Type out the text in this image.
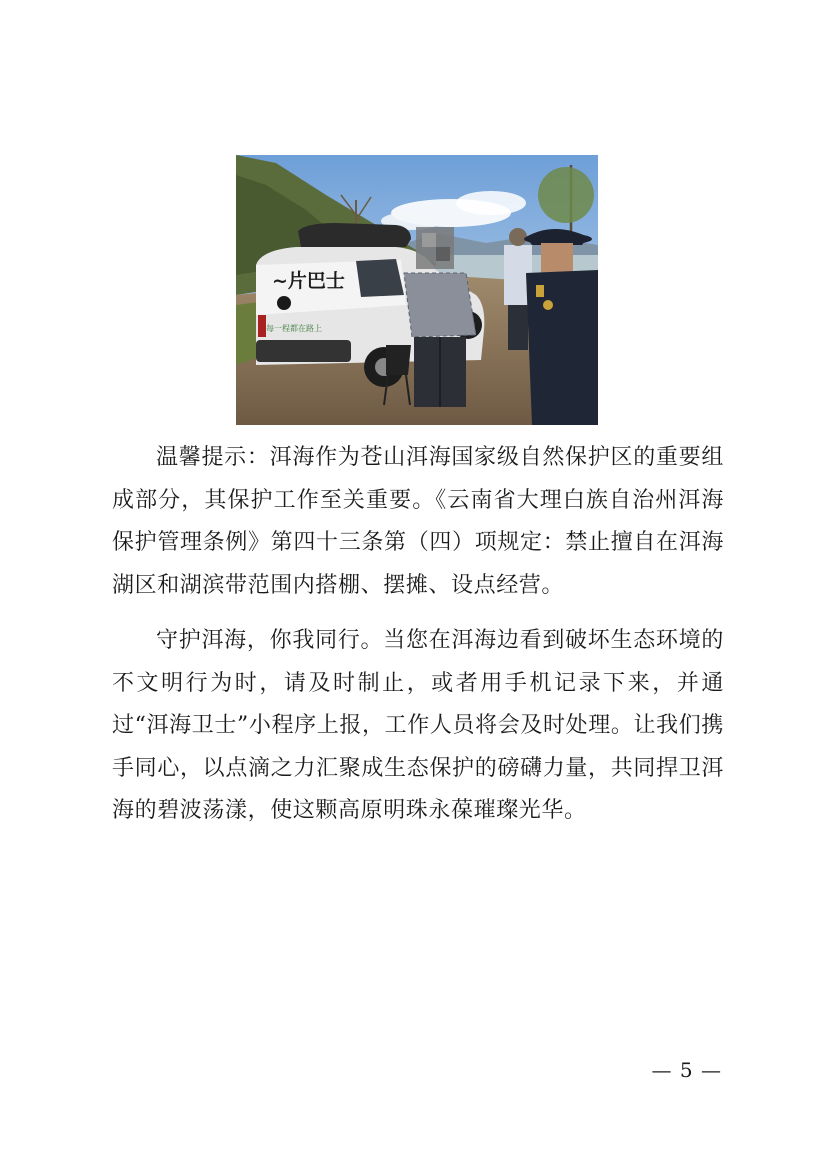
~片巴士
每一程都在路上

温馨提示：洱海作为苍山洱海国家级自然保护区的重要组成部分，其保护工作至关重要。《云南省大理白族自治州洱海保护管理条例》第四十三条第（四）项规定：禁止擅自在洱海湖区和湖滨带范围内搭棚、摆摊、设点经营。

守护洱海，你我同行。当您在洱海边看到破坏生态环境的不文明行为时，请及时制止，或者用手机记录下来，并通过“洱海卫士”小程序上报，工作人员将会及时处理。让我们携手同心，以点滴之力汇聚成生态保护的磅礴力量，共同捍卫洱海的碧波荡漾，使这颗高原明珠永葆璀璨光华。

— 5 —
